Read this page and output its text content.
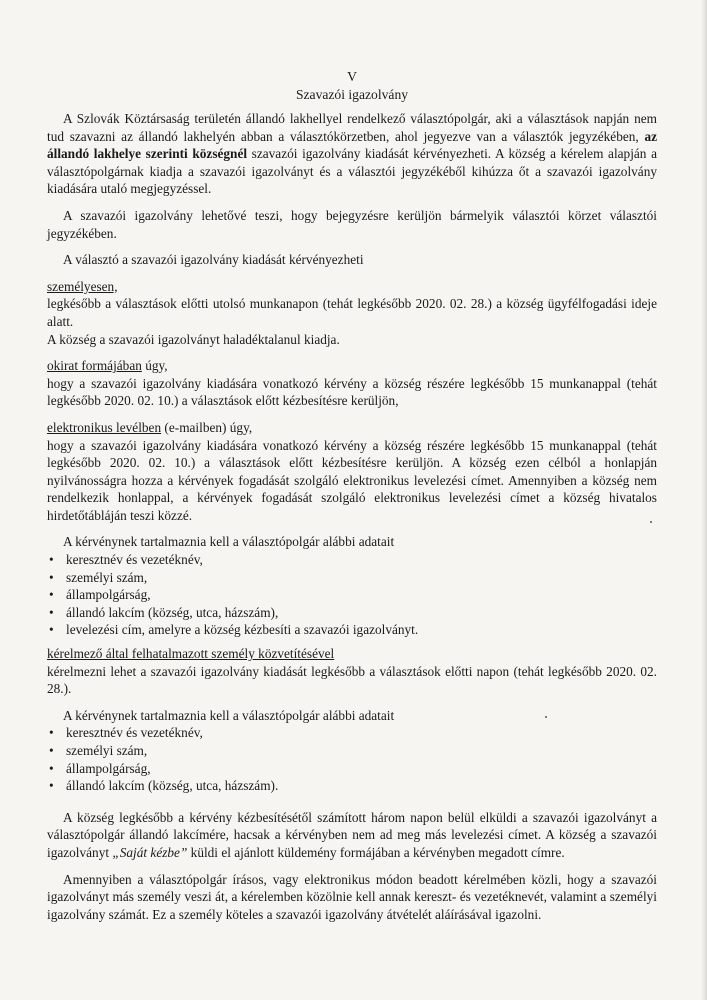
V
Szavazói igazolvány

A Szlovák Köztársaság területén állandó lakhellyel rendelkező választópolgár, aki a választások napján nem tud szavazni az állandó lakhelyén abban a választókörzetben, ahol jegyezve van a választók jegyzékében, az állandó lakhelye szerinti községnél szavazói igazolvány kiadását kérvényezheti. A község a kérelem alapján a választópolgárnak kiadja a szavazói igazolványt és a választói jegyzékéből kihúzza őt a szavazói igazolvány kiadására utaló megjegyzéssel.

A szavazói igazolvány lehetővé teszi, hogy bejegyzésre kerüljön bármelyik választói körzet választói jegyzékében.

A választó a szavazói igazolvány kiadását kérvényezheti

személyesen,

legkésőbb a választások előtti utolsó munkanapon (tehát legkésőbb 2020. 02. 28.) a község ügyfélfogadási ideje alatt.

A község a szavazói igazolványt haladéktalanul kiadja.

okirat formájában úgy,

hogy a szavazói igazolvány kiadására vonatkozó kérvény a község részére legkésőbb 15 munkanappal (tehát legkésőbb 2020. 02. 10.) a választások előtt kézbesítésre kerüljön,

elektronikus levélben (e-mailben) úgy,

hogy a szavazói igazolvány kiadására vonatkozó kérvény a község részére legkésőbb 15 munkanappal (tehát legkésőbb 2020. 02. 10.) a választások előtt kézbesítésre kerüljön. A község ezen célból a honlapján nyilvánosságra hozza a kérvények fogadását szolgáló elektronikus levelezési címet. Amennyiben a község nem rendelkezik honlappal, a kérvények fogadását szolgáló elektronikus levelezési címet a község hivatalos hirdetőtábláján teszi közzé.

A kérvénynek tartalmaznia kell a választópolgár alábbi adatait

• keresztnév és vezetéknév,
• személyi szám,
• állampolgárság,
• állandó lakcím (község, utca, házszám),
• levelezési cím, amelyre a község kézbesíti a szavazói igazolványt.

kérelmező által felhatalmazott személy közvetítésével

kérelmezni lehet a szavazói igazolvány kiadását legkésőbb a választások előtti napon (tehát legkésőbb 2020. 02. 28.).

A kérvénynek tartalmaznia kell a választópolgár alábbi adatait

• keresztnév és vezetéknév,
• személyi szám,
• állampolgárság,
• állandó lakcím (község, utca, házszám).

A község legkésőbb a kérvény kézbesítésétől számított három napon belül elküldi a szavazói igazolványt a választópolgár állandó lakcímére, hacsak a kérvényben nem ad meg más levelezési címet. A község a szavazói igazolványt „Saját kézbe” küldi el ajánlott küldemény formájában a kérvényben megadott címre.

Amennyiben a választópolgár írásos, vagy elektronikus módon beadott kérelmében közli, hogy a szavazói igazolványt más személy veszi át, a kérelemben közölnie kell annak kereszt- és vezetéknevét, valamint a személyi igazolvány számát. Ez a személy köteles a szavazói igazolvány átvételét aláírásával igazolni.
